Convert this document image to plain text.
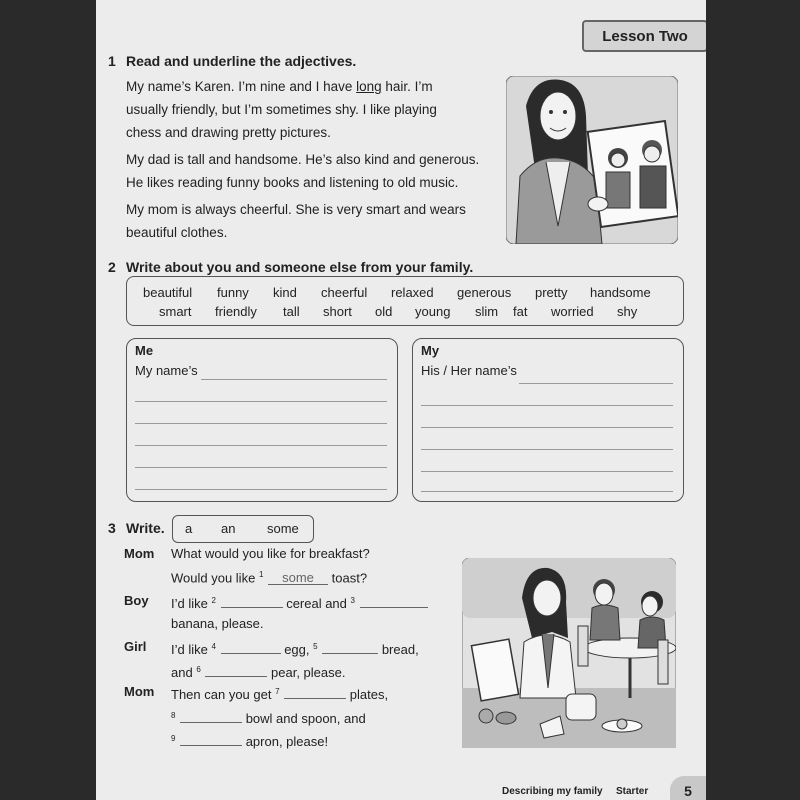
Lesson Two
1 Read and underline the adjectives.
My name’s Karen. I’m nine and I have long hair. I’m
usually friendly, but I’m sometimes shy. I like playing
chess and drawing pretty pictures.
My dad is tall and handsome. He’s also kind and generous.
He likes reading funny books and listening to old music.
My mom is always cheerful. She is very smart and wears
beautiful clothes.
2 Write about you and someone else from your family.
beautiful funny kind cheerful relaxed generous pretty handsome
smart friendly tall short old young slim fat worried shy
Me
My name’s
My
His / Her name’s
3 Write. a an some
Mom What would you like for breakfast?
Would you like $^1$ some toast?
Boy I’d like $^2$	cereal and $^3$
banana, please.
Girl I’d like $^4$	egg, $^5$	bread,
and $^6$	pear, please.
Mom Then can you get $^7$	plates,
$^8$	bowl and spoon, and
$^9$	apron, please!
Describing my family Starter	5
